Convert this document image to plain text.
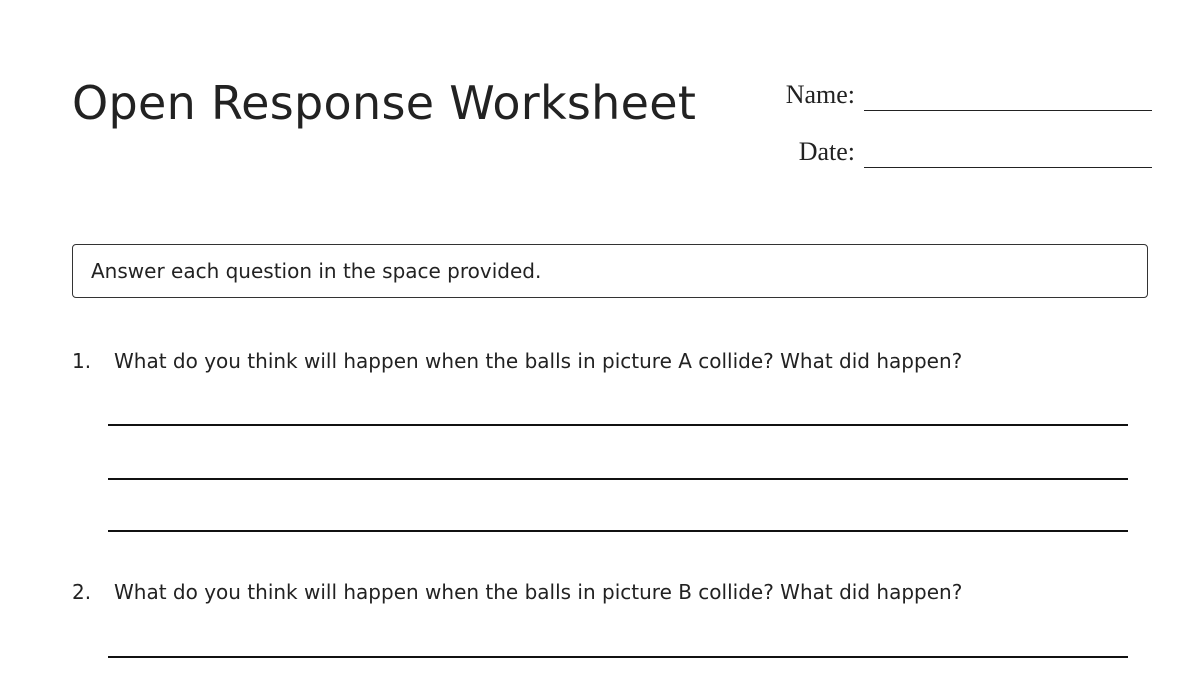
Open Response Worksheet	Name:
Date:
Answer each question in the space provided.
1.	What do you think will happen when the balls in picture A collide? What did happen?
2.	What do you think will happen when the balls in picture B collide? What did happen?
